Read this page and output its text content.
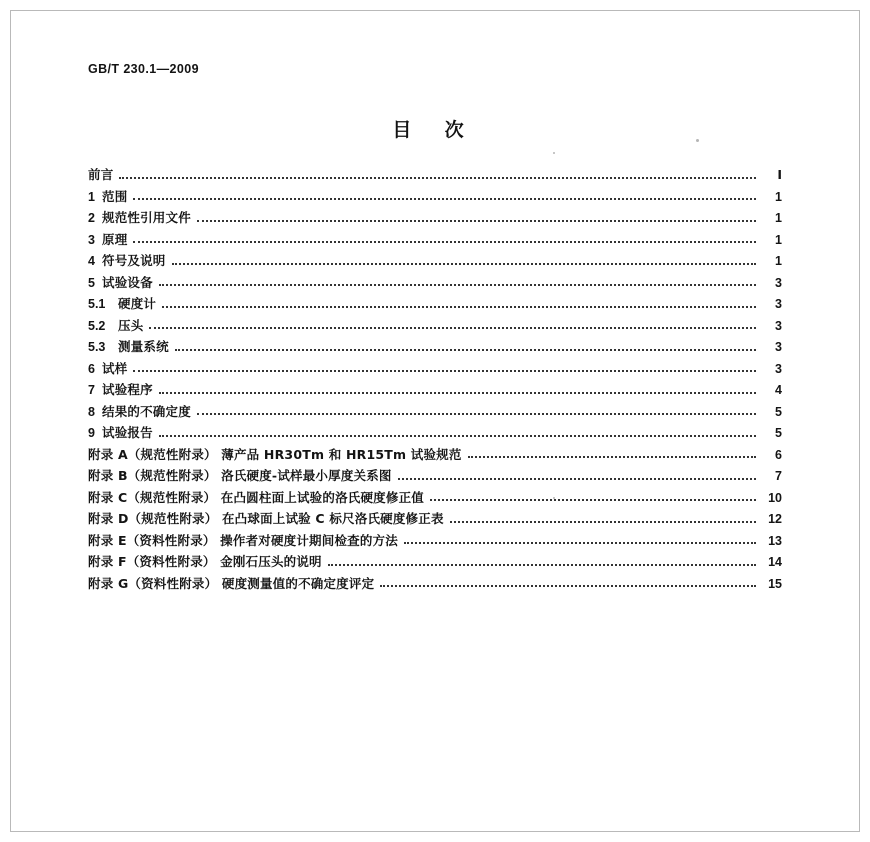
GB/T 230.1—2009
目 次
前言	Ⅰ
1 范围	1
2 规范性引用文件	1
3 原理	1
4 符号及说明	1
5 试验设备	3
5.1	硬度计	3
5.2	压头	3
5.3	测量系统	3
6 试样	3
7 试验程序	4
8 结果的不确定度	5
9 试验报告	5
附录 A（规范性附录） 薄产品 HR30Tm 和 HR15Tm 试验规范	6
附录 B（规范性附录） 洛氏硬度-试样最小厚度关系图	7
附录 C（规范性附录） 在凸圆柱面上试验的洛氏硬度修正值	10
附录 D（规范性附录） 在凸球面上试验 C 标尺洛氏硬度修正表	12
附录 E（资料性附录） 操作者对硬度计期间检查的方法	13
附录 F（资料性附录） 金刚石压头的说明	14
附录 G（资料性附录） 硬度测量值的不确定度评定	15
